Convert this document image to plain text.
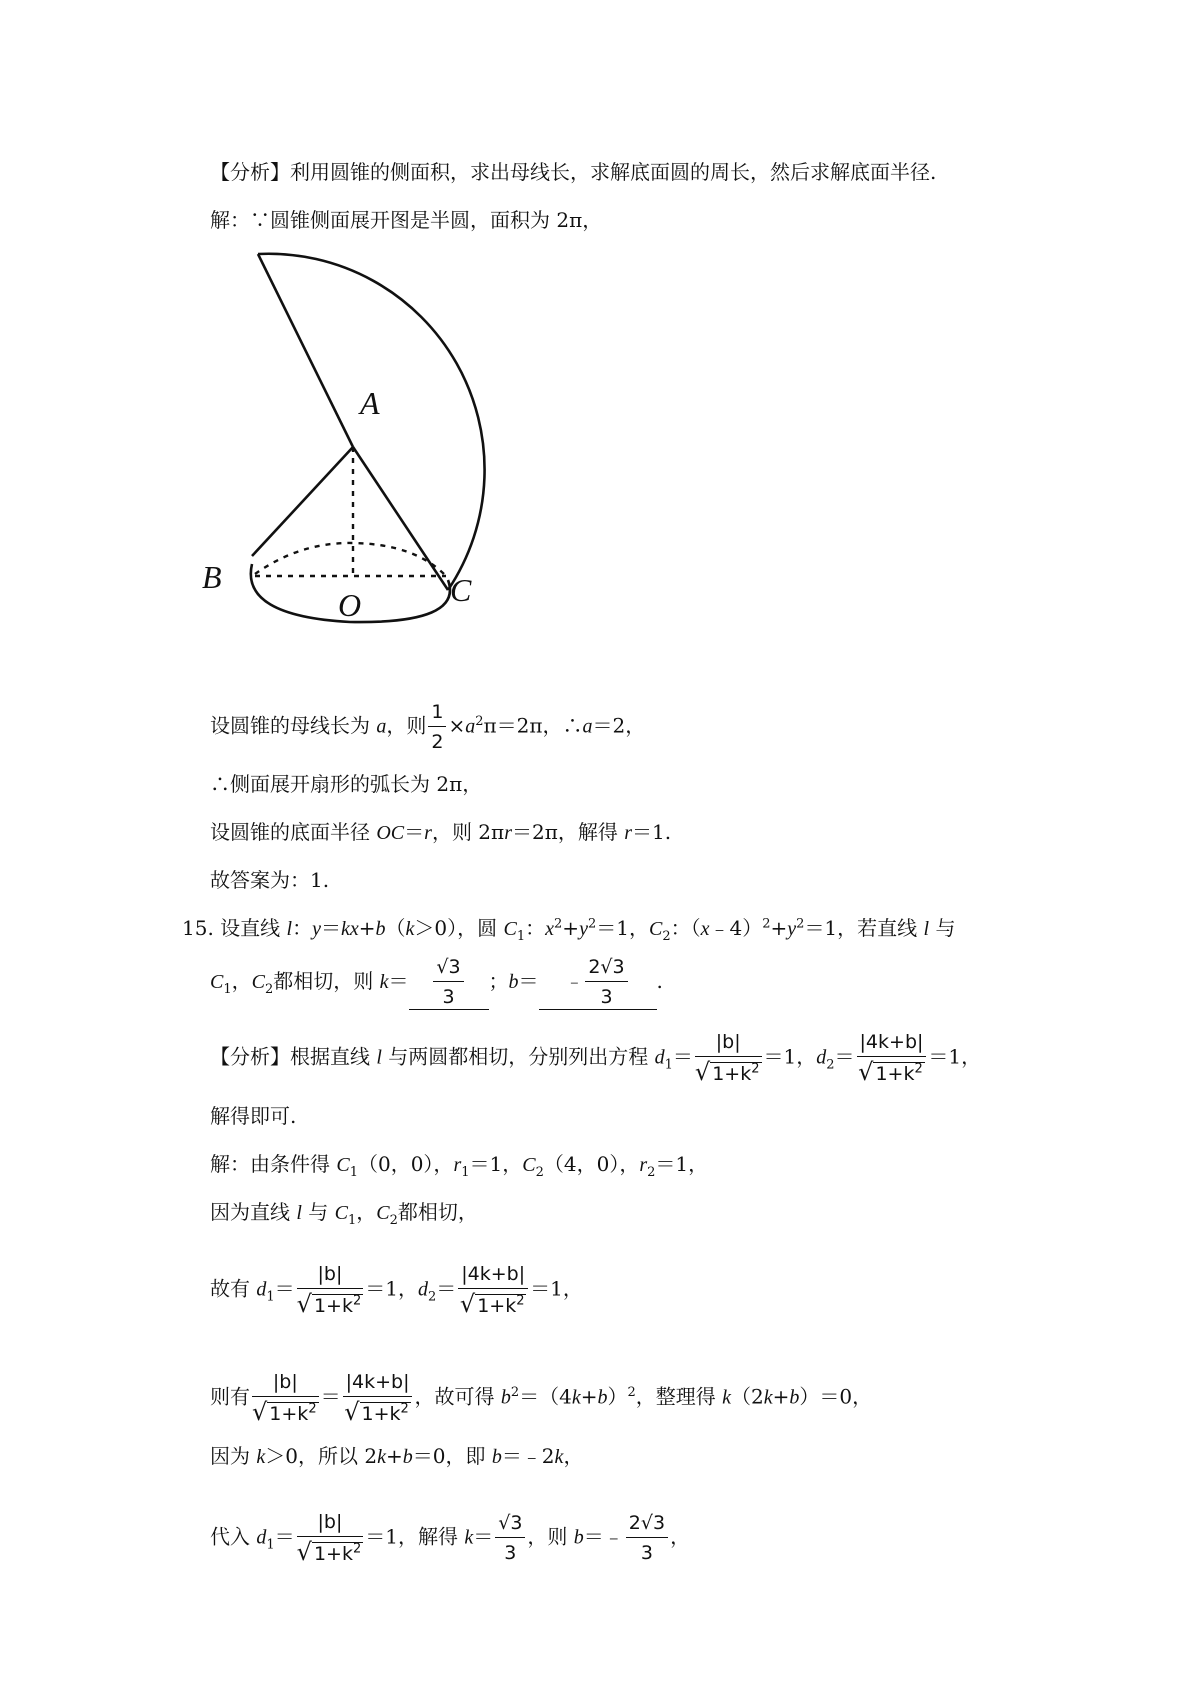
【分析】利用圆锥的侧面积，求出母线长，求解底面圆的周长，然后求解底面半径.
解：∵圆锥侧面展开图是半圆，面积为 2π，
A
B	C
O
设圆锥的母线长为 a，则 $\frac{1}{2} \times a^2\pi=2\pi$，∴a＝2，
∴侧面展开扇形的弧长为 2π，
设圆锥的底面半径 OC＝r，则 2πr＝2π，解得 r＝1.
故答案为：1.
15. 设直线 l：y＝kx+b（k＞0），圆 $C_1$：$x^2+y^2=1$，$C_2$：$(x﹣4)^2+y^2=1$，若直线 l 与
$C_1$，$C_2$都相切，则 $k= \frac{√3}{3}$ ；b＝ ﹣ $\frac{2√3}{3}$ .
【分析】根据直线 l 与两圆都相切，分别列出方程 $d_1= \frac{|b|}{√ 1+k^2} =1$，$d_2= \frac{|4k+b|}{√ 1+k^2} =1$，
解得即可.
解：由条件得 $C_1(0$，0），$r_1=1$，$C_2(4$，0），$r_2=1$，
因为直线 l 与 $C_1$，$C_2$都相切，
故有 $d_1= \frac{|b|}{√ 1+k^2} =1$，$d_2= \frac{|4k+b|}{√ 1+k^2} =1$，
则有 $\frac{|b|}{√ 1+k^2} = \frac{|4k+b|}{√ 1+k^2}$ ，故可得 $b^2=(4k+b)^2$，整理得 k（2k+b）＝0，
因为 k＞0，所以 2k+b＝0，即 b＝﹣2k，
代入 $d_1= \frac{|b|}{√ 1+k^2} =1$，解得 $k= \frac{√3}{3}$ ，则 b＝﹣ $\frac{2√3}{3}$ ，
